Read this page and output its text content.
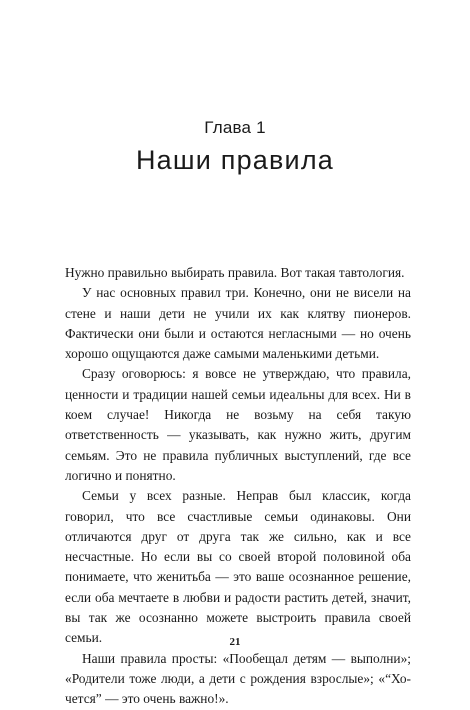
Глава 1
Наши правила

Нужно правильно выбирать правила. Вот такая тавтология.

У нас основных правил три. Конечно, они не висели на стене и наши дети не учили их как клятву пионеров. Фактически они были и остаются негласными — но очень хорошо ощущаются даже самыми маленькими детьми.

Сразу оговорюсь: я вовсе не утверждаю, что правила, ценности и традиции нашей семьи идеальны для всех. Ни в коем случае! Никогда не возьму на себя такую ответственность — указывать, как нужно жить, другим семьям. Это не правила публичных выступлений, где все логично и понятно.

Семьи у всех разные. Неправ был классик, когда говорил, что все счастливые семьи одинаковы. Они отличаются друг от друга так же сильно, как и все несчастные. Но если вы со своей второй половиной оба понимаете, что женитьба — это ваше осознанное решение, если оба мечтаете в любви и радости растить детей, значит, вы так же осознанно можете выстроить правила своей семьи.

Наши правила просты: «Пообещал детям — выполни»; «Родители тоже люди, а дети с рождения взрослые»; «“Хочется” — это очень важно!».

21
